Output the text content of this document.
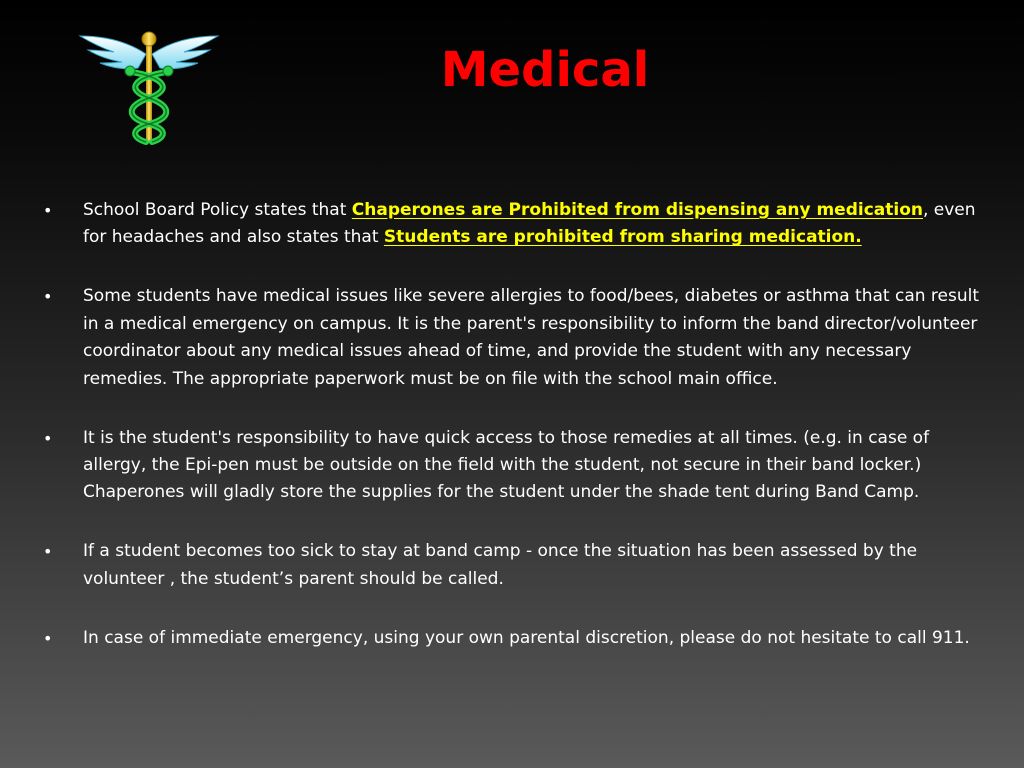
Medical
• School Board Policy states that Chaperones are Prohibited from dispensing any medication, even for headaches and also states that Students are prohibited from sharing medication.
• Some students have medical issues like severe allergies to food/bees, diabetes or asthma that can result in a medical emergency on campus. It is the parent's responsibility to inform the band director/volunteer coordinator about any medical issues ahead of time, and provide the student with any necessary remedies. The appropriate paperwork must be on file with the school main office.
• It is the student's responsibility to have quick access to those remedies at all times. (e.g. in case of allergy, the Epi-pen must be outside on the field with the student, not secure in their band locker.) Chaperones will gladly store the supplies for the student under the shade tent during Band Camp.
• If a student becomes too sick to stay at band camp - once the situation has been assessed by the volunteer , the student’s parent should be called.
• In case of immediate emergency, using your own parental discretion, please do not hesitate to call 911.
